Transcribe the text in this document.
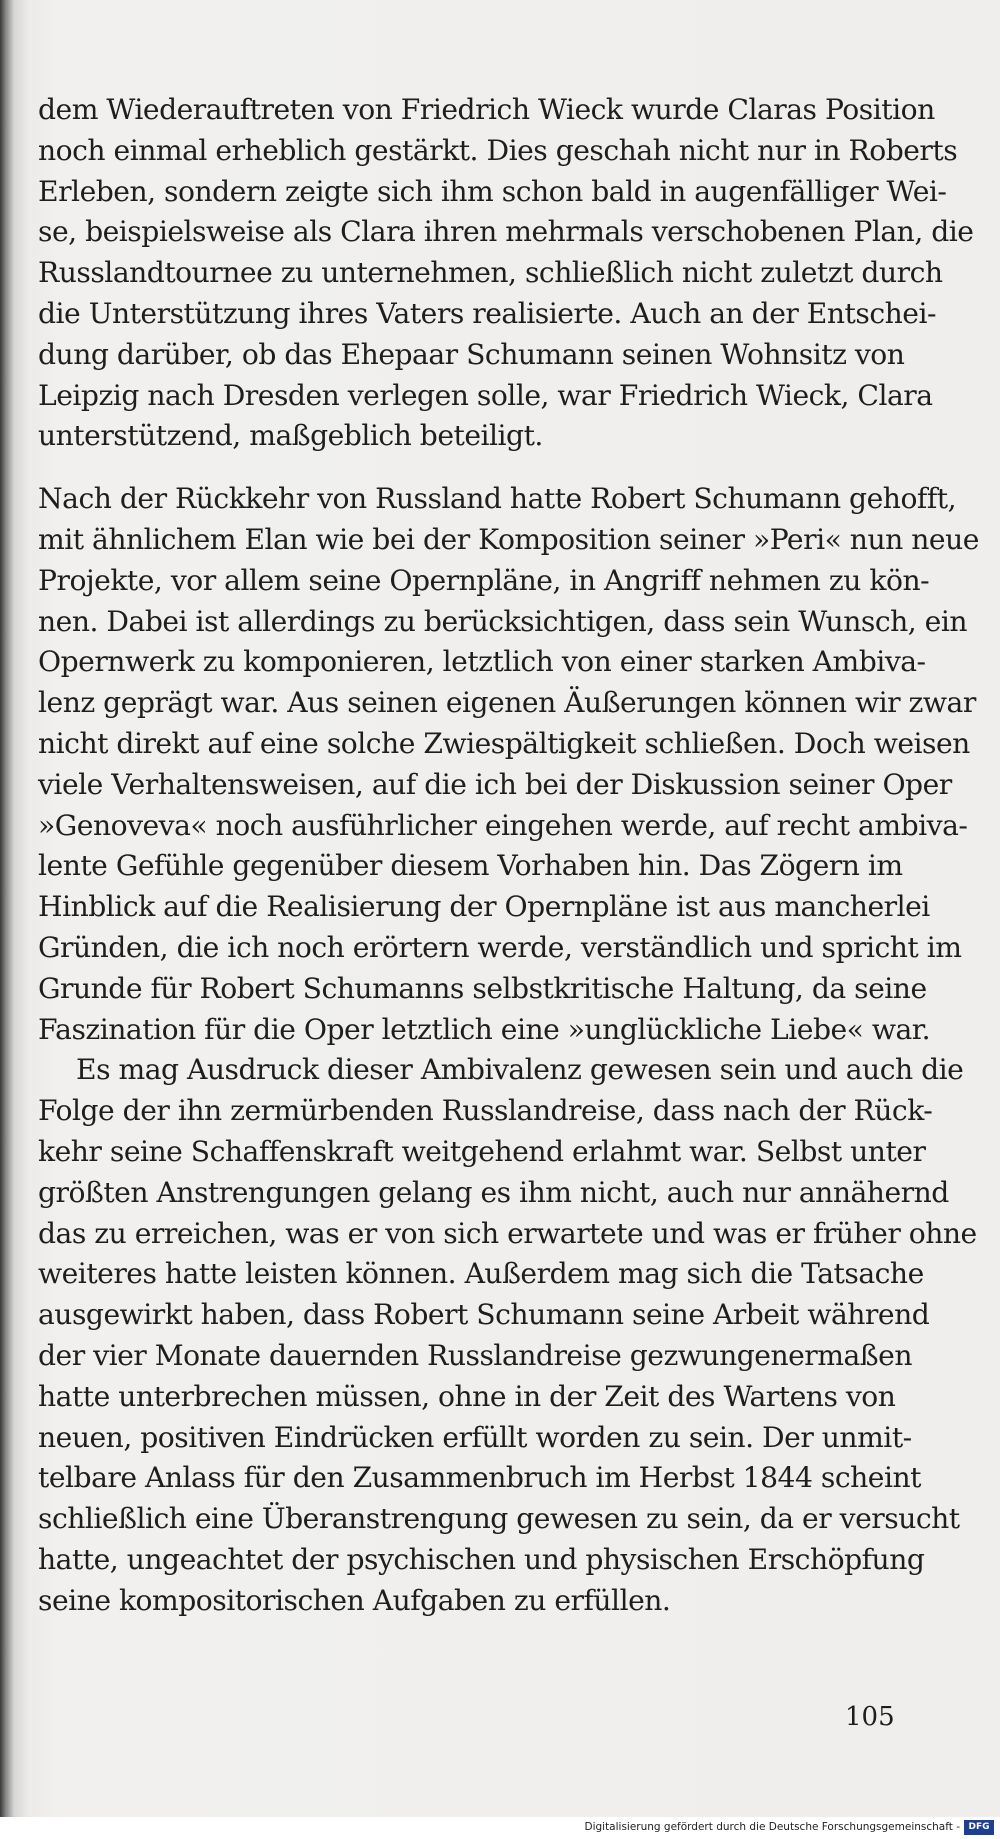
dem Wiederauftreten von Friedrich Wieck wurde Claras Position
noch einmal erheblich gestärkt. Dies geschah nicht nur in Roberts
Erleben, sondern zeigte sich ihm schon bald in augenfälliger Wei-
se, beispielsweise als Clara ihren mehrmals verschobenen Plan, die
Russlandtournee zu unternehmen, schließlich nicht zuletzt durch
die Unterstützung ihres Vaters realisierte. Auch an der Entschei-
dung darüber, ob das Ehepaar Schumann seinen Wohnsitz von
Leipzig nach Dresden verlegen solle, war Friedrich Wieck, Clara
unterstützend, maßgeblich beteiligt.
Nach der Rückkehr von Russland hatte Robert Schumann gehofft,
mit ähnlichem Elan wie bei der Komposition seiner »Peri« nun neue
Projekte, vor allem seine Opernpläne, in Angriff nehmen zu kön-
nen. Dabei ist allerdings zu berücksichtigen, dass sein Wunsch, ein
Opernwerk zu komponieren, letztlich von einer starken Ambiva-
lenz geprägt war. Aus seinen eigenen Äußerungen können wir zwar
nicht direkt auf eine solche Zwiespältigkeit schließen. Doch weisen
viele Verhaltensweisen, auf die ich bei der Diskussion seiner Oper
»Genoveva« noch ausführlicher eingehen werde, auf recht ambiva-
lente Gefühle gegenüber diesem Vorhaben hin. Das Zögern im
Hinblick auf die Realisierung der Opernpläne ist aus mancherlei
Gründen, die ich noch erörtern werde, verständlich und spricht im
Grunde für Robert Schumanns selbstkritische Haltung, da seine
Faszination für die Oper letztlich eine »unglückliche Liebe« war.
Es mag Ausdruck dieser Ambivalenz gewesen sein und auch die
Folge der ihn zermürbenden Russlandreise, dass nach der Rück-
kehr seine Schaffenskraft weitgehend erlahmt war. Selbst unter
größten Anstrengungen gelang es ihm nicht, auch nur annähernd
das zu erreichen, was er von sich erwartete und was er früher ohne
weiteres hatte leisten können. Außerdem mag sich die Tatsache
ausgewirkt haben, dass Robert Schumann seine Arbeit während
der vier Monate dauernden Russlandreise gezwungenermaßen
hatte unterbrechen müssen, ohne in der Zeit des Wartens von
neuen, positiven Eindrücken erfüllt worden zu sein. Der unmit-
telbare Anlass für den Zusammenbruch im Herbst 1844 scheint
schließlich eine Überanstrengung gewesen zu sein, da er versucht
hatte, ungeachtet der psychischen und physischen Erschöpfung
seine kompositorischen Aufgaben zu erfüllen.
105
Digitalisierung gefördert durch die Deutsche Forschungsgemeinschaft - DFG
